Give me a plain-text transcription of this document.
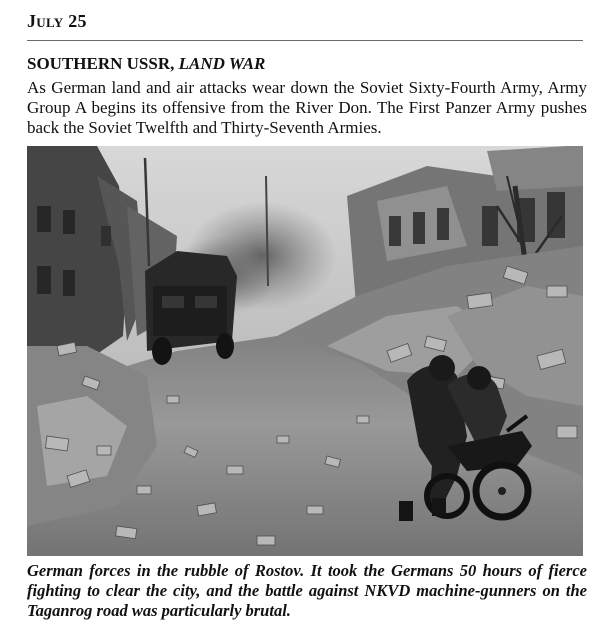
July 25
SOUTHERN USSR, LAND WAR
As German land and air attacks wear down the Soviet Sixty-Fourth Army, Army Group A begins its offensive from the River Don. The First Panzer Army pushes back the Soviet Twelfth and Thirty-Seventh Armies.
German forces in the rubble of Rostov. It took the Germans 50 hours of fierce fighting to clear the city, and the battle against NKVD machine-gunners on the Taganrog road was particularly brutal.
